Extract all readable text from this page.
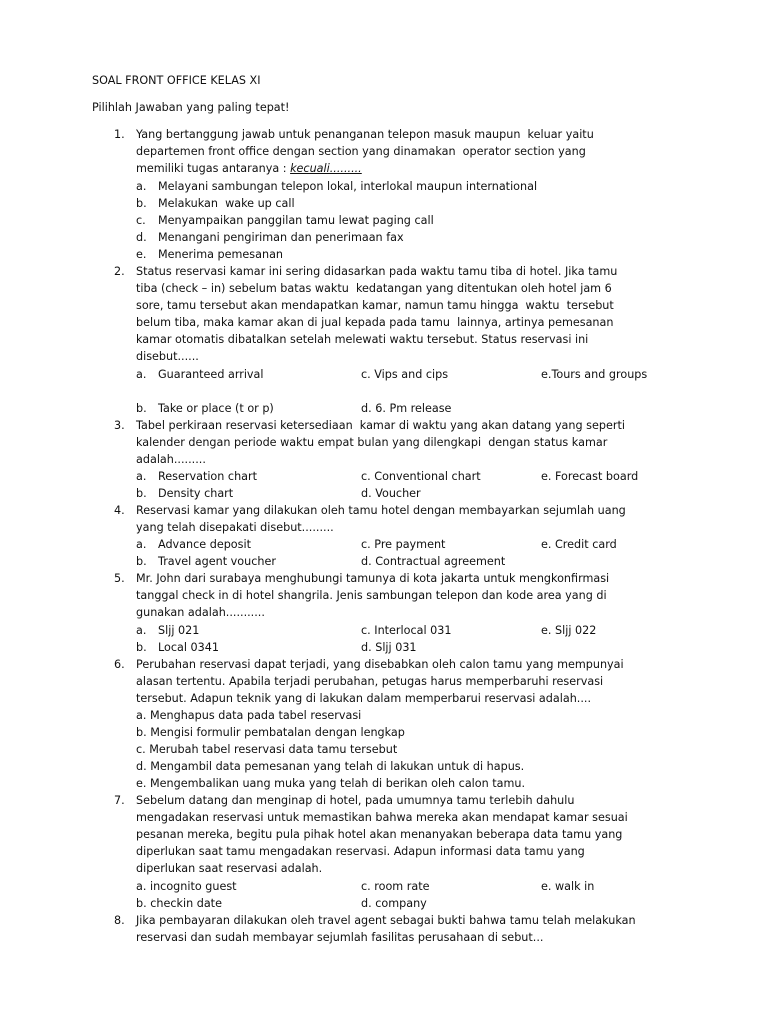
SOAL FRONT OFFICE KELAS XI
Pilihlah Jawaban yang paling tepat!
1. Yang bertanggung jawab untuk penanganan telepon masuk maupun  keluar yaitu
departemen front office dengan section yang dinamakan  operator section yang
memiliki tugas antaranya : kecuali.........
a. Melayani sambungan telepon lokal, interlokal maupun international
b. Melakukan  wake up call
c. Menyampaikan panggilan tamu lewat paging call
d. Menangani pengiriman dan penerimaan fax
e. Menerima pemesanan
2. Status reservasi kamar ini sering didasarkan pada waktu tamu tiba di hotel. Jika tamu
tiba (check – in) sebelum batas waktu  kedatangan yang ditentukan oleh hotel jam 6
sore, tamu tersebut akan mendapatkan kamar, namun tamu hingga  waktu  tersebut
belum tiba, maka kamar akan di jual kepada pada tamu  lainnya, artinya pemesanan
kamar otomatis dibatalkan setelah melewati waktu tersebut. Status reservasi ini
disebut......
a. Guaranteed arrival	c. Vips and cips	e.Tours and groups
b. Take or place (t or p)	d. 6. Pm release
3. Tabel perkiraan reservasi ketersediaan  kamar di waktu yang akan datang yang seperti
kalender dengan periode waktu empat bulan yang dilengkapi  dengan status kamar
adalah.........
a. Reservation chart	c. Conventional chart	e. Forecast board
b. Density chart	d. Voucher
4. Reservasi kamar yang dilakukan oleh tamu hotel dengan membayarkan sejumlah uang
yang telah disepakati disebut.........
a. Advance deposit	c. Pre payment	e. Credit card
b. Travel agent voucher	d. Contractual agreement
5. Mr. John dari surabaya menghubungi tamunya di kota jakarta untuk mengkonfirmasi
tanggal check in di hotel shangrila. Jenis sambungan telepon dan kode area yang di
gunakan adalah...........
a. Sljj 021	c. Interlocal 031	e. Sljj 022
b. Local 0341	d. Sljj 031
6. Perubahan reservasi dapat terjadi, yang disebabkan oleh calon tamu yang mempunyai
alasan tertentu. Apabila terjadi perubahan, petugas harus memperbaruhi reservasi
tersebut. Adapun teknik yang di lakukan dalam memperbarui reservasi adalah....
a. Menghapus data pada tabel reservasi
b. Mengisi formulir pembatalan dengan lengkap
c. Merubah tabel reservasi data tamu tersebut
d. Mengambil data pemesanan yang telah di lakukan untuk di hapus.
e. Mengembalikan uang muka yang telah di berikan oleh calon tamu.
7. Sebelum datang dan menginap di hotel, pada umumnya tamu terlebih dahulu
mengadakan reservasi untuk memastikan bahwa mereka akan mendapat kamar sesuai
pesanan mereka, begitu pula pihak hotel akan menanyakan beberapa data tamu yang
diperlukan saat tamu mengadakan reservasi. Adapun informasi data tamu yang
diperlukan saat reservasi adalah.
a. incognito guest	c. room rate	e. walk in
b. checkin date	d. company
8. Jika pembayaran dilakukan oleh travel agent sebagai bukti bahwa tamu telah melakukan
reservasi dan sudah membayar sejumlah fasilitas perusahaan di sebut...
